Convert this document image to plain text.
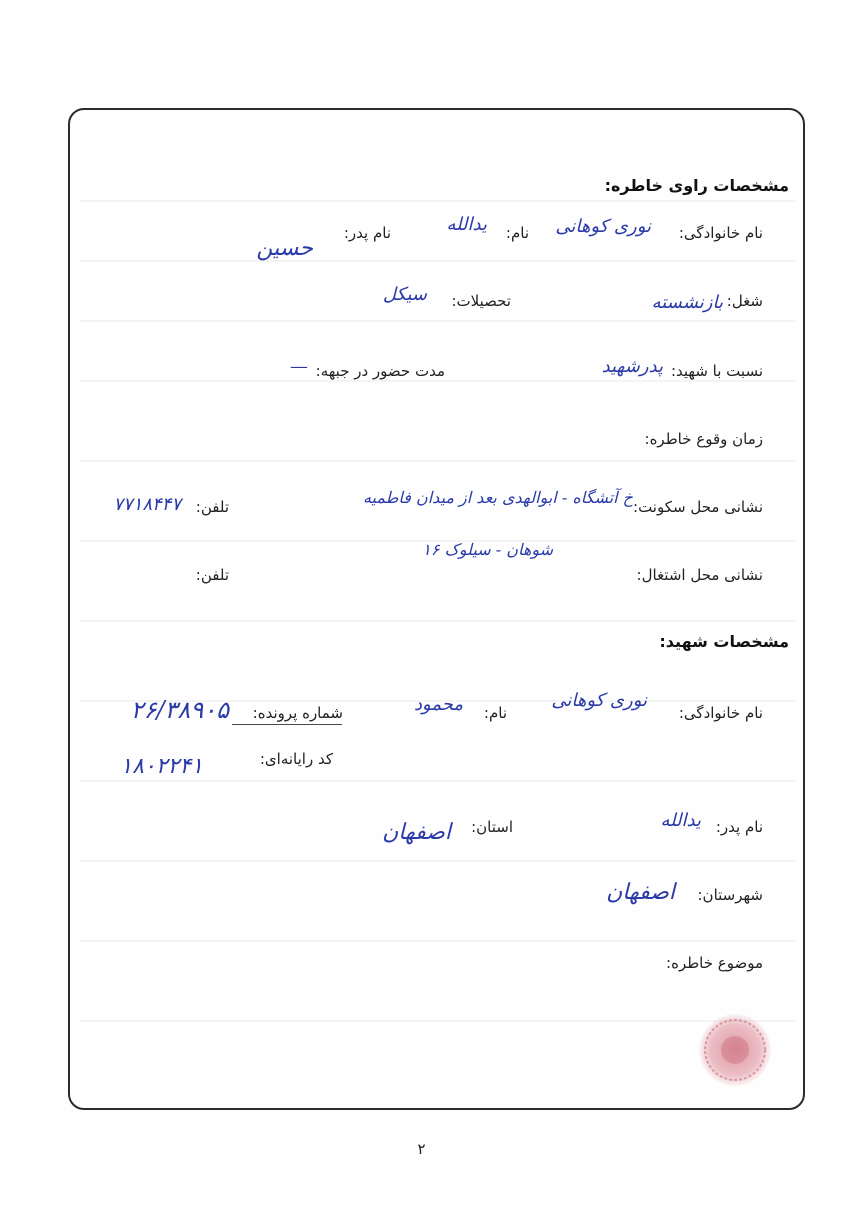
مشخصات راوی خاطره:
نام خانوادگی:
نوری کوهانی
نام:
یدالله
نام پدر:
حسین
شغل:
بازنشسته
تحصیلات:
سیکل
نسبت با شهید:
پدرشهید
مدت حضور در جبهه:
—
زمان وقوع خاطره:
نشانی محل سکونت:
خ آتشگاه - ابوالهدی بعد از میدان فاطمیه
تلفن:
۷۷۱۸۴۴۷
شوهان - سیلوک ۱۶
نشانی محل اشتغال:
تلفن:
مشخصات شهید:
نام خانوادگی:
نوری کوهانی
نام:
محمود
شماره پرونده:
۲۶/۳۸۹۰۵
کد رایانه‌ای:
۱۸۰۲۲۴۱
نام پدر:
یدالله
استان:
اصفهان
شهرستان:
اصفهان
موضوع خاطره:
۲
